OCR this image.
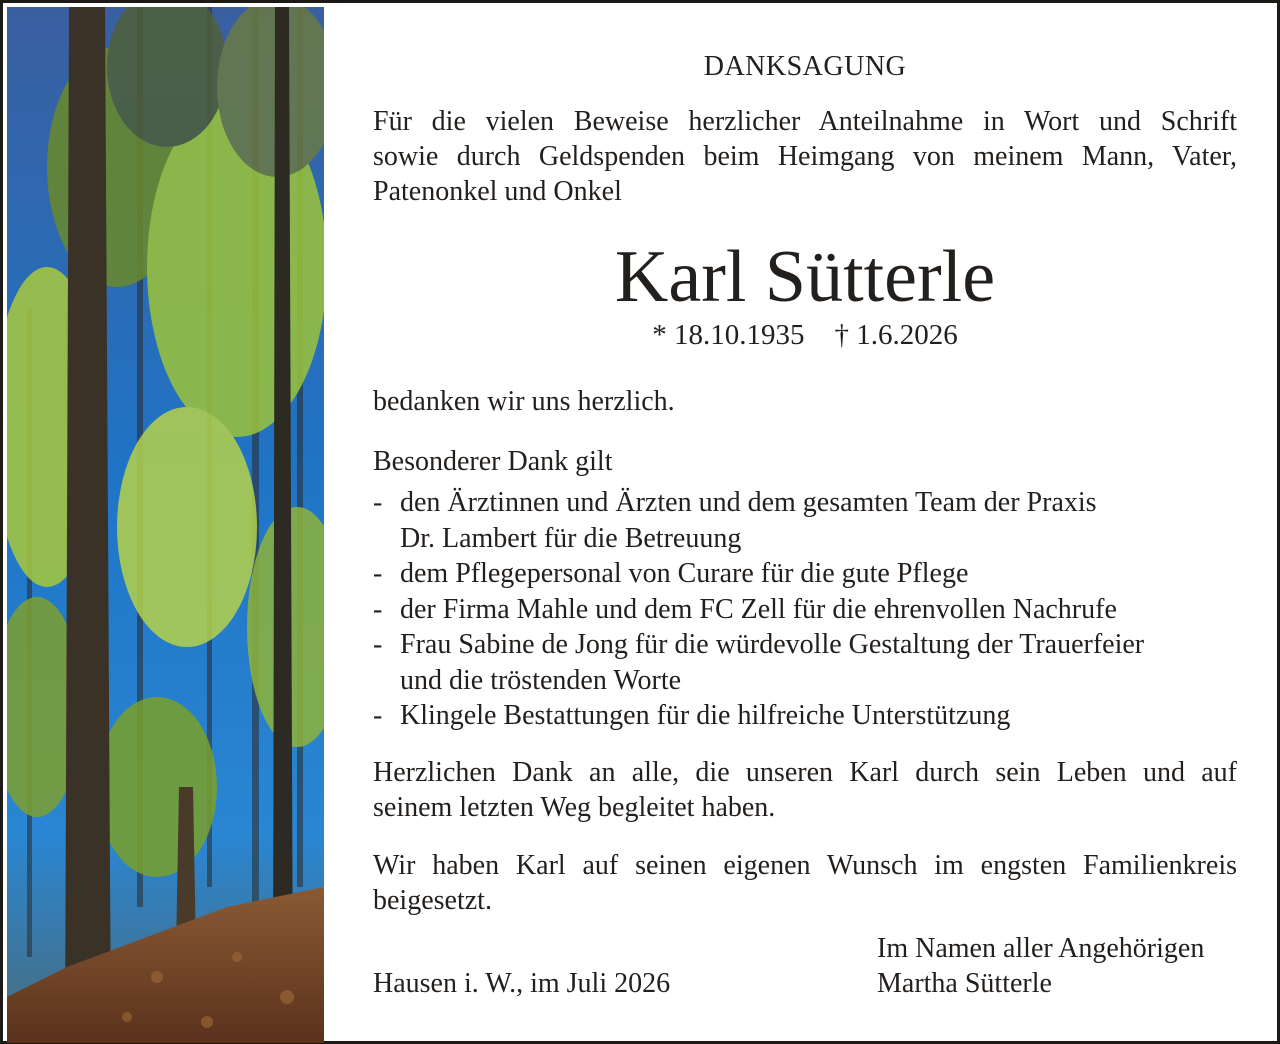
DANKSAGUNG
Für die vielen Beweise herzlicher Anteilnahme in Wort und Schrift
sowie durch Geldspenden beim Heimgang von meinem Mann, Vater,
Patenonkel und Onkel
Karl Sütterle
* 18.10.1935 † 1.6.2026
bedanken wir uns herzlich.
Besonderer Dank gilt
- den Ärztinnen und Ärzten und dem gesamten Team der Praxis
Dr. Lambert für die Betreuung
- dem Pflegepersonal von Curare für die gute Pflege
- der Firma Mahle und dem FC Zell für die ehrenvollen Nachrufe
- Frau Sabine de Jong für die würdevolle Gestaltung der Trauerfeier
und die tröstenden Worte
- Klingele Bestattungen für die hilfreiche Unterstützung
Herzlichen Dank an alle, die unseren Karl durch sein Leben und auf
seinem letzten Weg begleitet haben.
Wir haben Karl auf seinen eigenen Wunsch im engsten Familienkreis
beigesetzt.
Hausen i. W., im Juli 2026
Im Namen aller Angehörigen
Martha Sütterle
